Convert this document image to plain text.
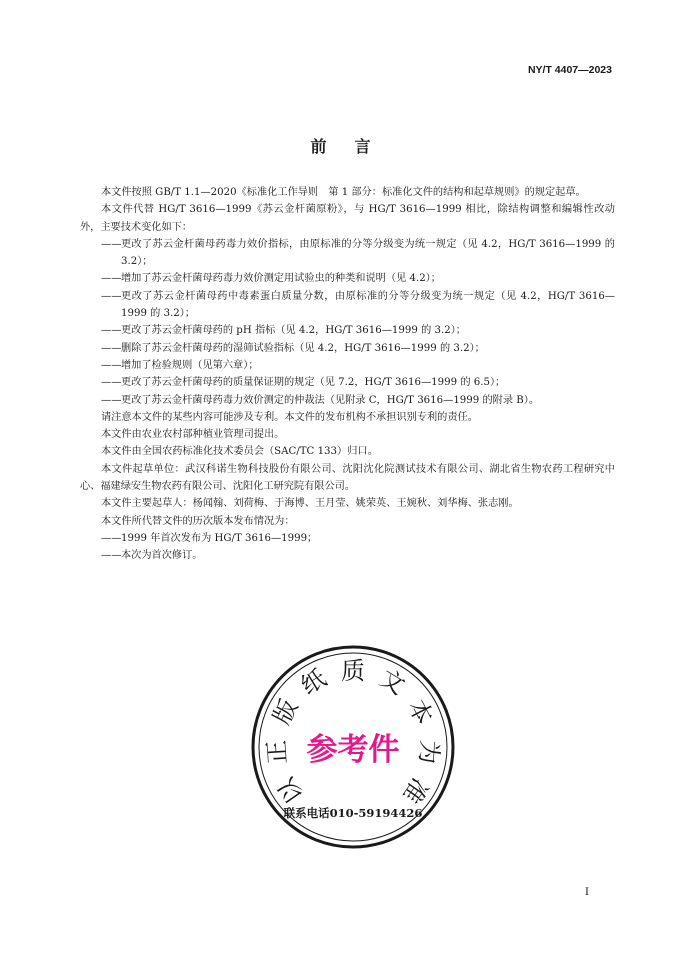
NY/T 4407—2023
前 言

本文件按照 GB/T 1.1—2020《标准化工作导则　第 1 部分：标准化文件的结构和起草规则》的规定起草。

本文件代替 HG/T 3616—1999《苏云金杆菌原粉》，与 HG/T 3616—1999 相比，除结构调整和编辑性改动外，主要技术变化如下：

—— 更改了苏云金杆菌母药毒力效价指标，由原标准的分等分级变为统一规定（见 4.2，HG/T 3616—1999 的 3.2）；

—— 增加了苏云金杆菌母药毒力效价测定用试验虫的种类和说明（见 4.2）；

—— 更改了苏云金杆菌母药中毒素蛋白质量分数，由原标准的分等分级变为统一规定（见 4.2，HG/T 3616—1999 的 3.2）；

—— 更改了苏云金杆菌母药的 pH 指标（见 4.2，HG/T 3616—1999 的 3.2）；

—— 删除了苏云金杆菌母药的湿筛试验指标（见 4.2，HG/T 3616—1999 的 3.2）；

—— 增加了检验规则（见第六章）；

—— 更改了苏云金杆菌母药的质量保证期的规定（见 7.2，HG/T 3616—1999 的 6.5）；

—— 更改了苏云金杆菌母药毒力效价测定的仲裁法（见附录 C，HG/T 3616—1999 的附录 B）。

请注意本文件的某些内容可能涉及专利。本文件的发布机构不承担识别专利的责任。

本文件由农业农村部种植业管理司提出。

本文件由全国农药标准化技术委员会（SAC/TC 133）归口。

本文件起草单位：武汉科诺生物科技股份有限公司、沈阳沈化院测试技术有限公司、湖北省生物农药工程研究中心、福建绿安生物农药有限公司、沈阳化工研究院有限公司。

本文件主要起草人：杨闻翰、刘荷梅、于海博、王月莹、姚荣英、王婉秋、刘华梅、张志刚。

本文件所代替文件的历次版本发布情况为：

—— 1999 年首次发布为 HG/T 3616—1999；

—— 本次为首次修订。

以
正
版
纸 质 文
本
为
准
参考件
联系电话010-59194426
I
